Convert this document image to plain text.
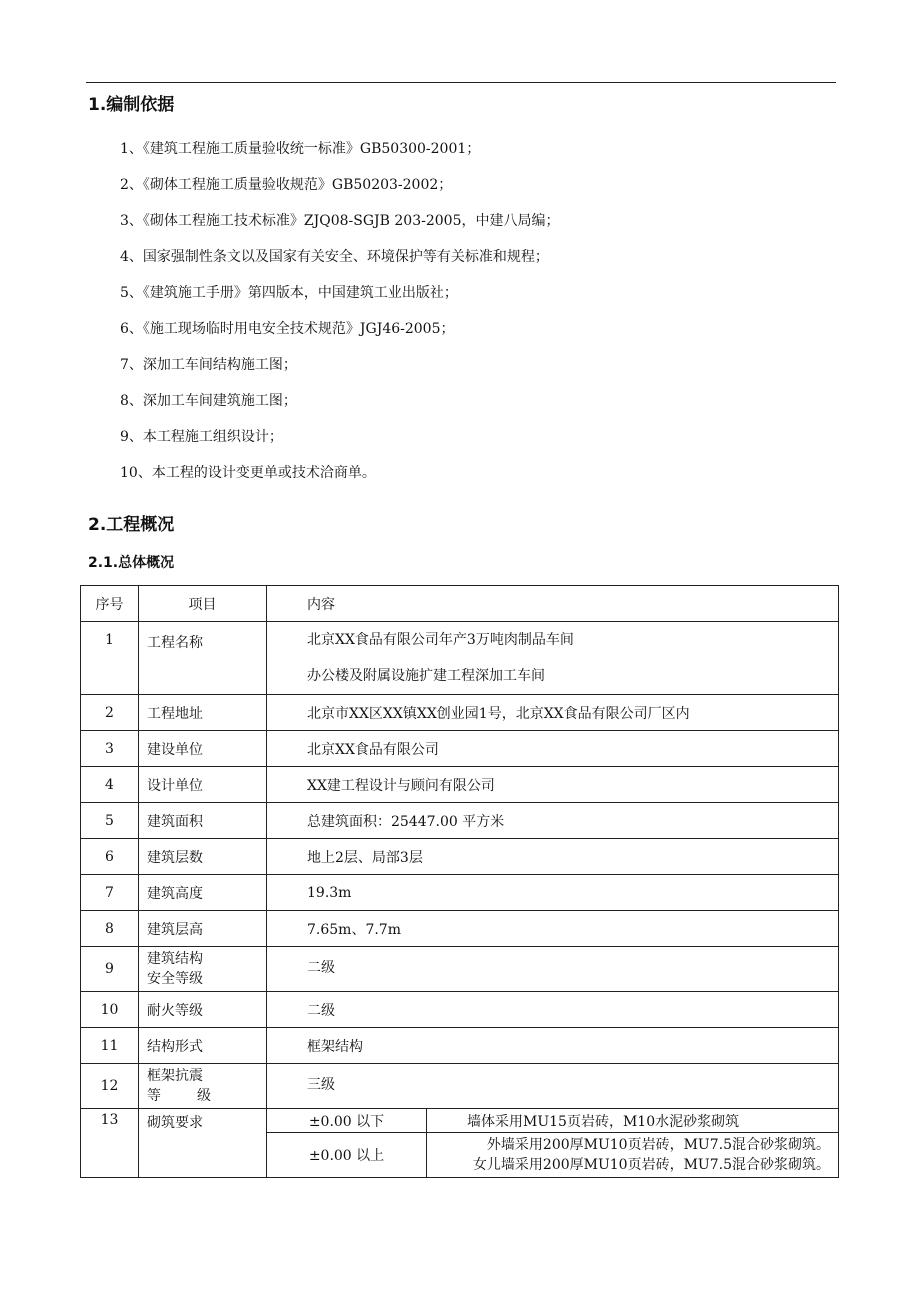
1.编制依据
1、《建筑工程施工质量验收统一标准》GB50300-2001；
2、《砌体工程施工质量验收规范》GB50203-2002；
3、《砌体工程施工技术标准》ZJQ08-SGJB 203-2005，中建八局编；
4、国家强制性条文以及国家有关安全、环境保护等有关标准和规程；
5、《建筑施工手册》第四版本，中国建筑工业出版社；
6、《施工现场临时用电安全技术规范》JGJ46-2005；
7、深加工车间结构施工图；
8、深加工车间建筑施工图；
9、本工程施工组织设计；
10、本工程的设计变更单或技术洽商单。
2.工程概况
2.1.总体概况
序号	项目	内容	
1	工程名称	北京XX食品有限公司年产3万吨肉制品车间
办公楼及附属设施扩建工程深加工车间	

2	工程地址	北京市XX区XX镇XX创业园1号，北京XX食品有限公司厂区内	
3	建设单位	北京XX食品有限公司	
4	设计单位	XX建工程设计与顾问有限公司	
5	建筑面积	总建筑面积：25447.00 平方米	
6	建筑层数	地上2层、局部3层	
7	建筑高度	19.3m	
8	建筑层高	7.65m、7.7m	
9	建筑结构
安全等级	二级	
10	耐火等级	二级	
11	结构形式	框架结构	
12	框架抗震
等 级	三级	
13	砌筑要求	±0.00 以下	墙体采用MU15页岩砖，M10水泥砂浆砌筑
		±0.00 以上	外墙采用200厚MU10页岩砖，MU7.5混合砂浆砌筑。
女儿墙采用200厚MU10页岩砖，MU7.5混合砂浆砌筑。
